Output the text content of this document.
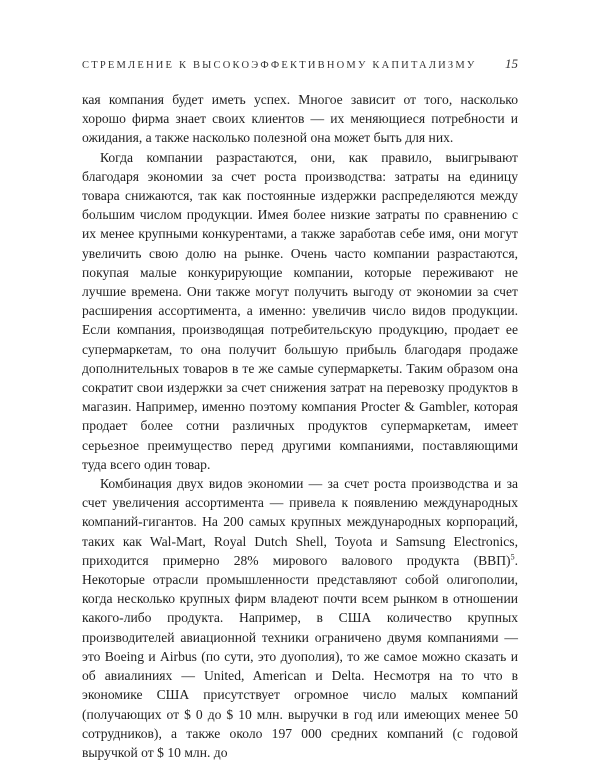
СТРЕМЛЕНИЕ К ВЫСОКОЭФФЕКТИВНОМУ КАПИТАЛИЗМУ 15

кая компания будет иметь успех. Многое зависит от того, насколько хорошо фирма знает своих клиентов — их меняющиеся потребности и ожидания, а также насколько полезной она может быть для них.

Когда компании разрастаются, они, как правило, выигрывают благодаря экономии за счет роста производства: затраты на единицу товара снижаются, так как постоянные издержки распределяются между большим числом продукции. Имея более низкие затраты по сравнению с их менее крупными конкурентами, а также заработав себе имя, они могут увеличить свою долю на рынке. Очень часто компании разрастаются, покупая малые конкурирующие компании, которые переживают не лучшие времена. Они также могут получить выгоду от экономии за счет расширения ассортимента, а именно: увеличив число видов продукции. Если компания, производящая потребительскую продукцию, продает ее супермаркетам, то она получит большую прибыль благодаря продаже дополнительных товаров в те же самые супермаркеты. Таким образом она сократит свои издержки за счет снижения затрат на перевозку продуктов в магазин. Например, именно поэтому компания Procter & Gambler, которая продает более сотни различных продуктов супермаркетам, имеет серьезное преимущество перед другими компаниями, поставляющими туда всего один товар.

Комбинация двух видов экономии — за счет роста производства и за счет увеличения ассортимента — привела к появлению международных компаний-гигантов. На 200 самых крупных международных корпораций, таких как Wal-Mart, Royal Dutch Shell, Toyota и Samsung Electronics, приходится примерно 28% мирового валового продукта (ВВП)$^5$. Некоторые отрасли промышленности представляют собой олигополии, когда несколько крупных фирм владеют почти всем рынком в отношении какого-либо продукта. Например, в США количество крупных производителей авиационной техники ограничено двумя компаниями — это Boeing и Airbus (по сути, это дуополия), то же самое можно сказать и об авиалиниях — United, American и Delta. Несмотря на то что в экономике США присутствует огромное число малых компаний (получающих от $ 0 до $ 10 млн. выручки в год или имеющих менее 50 сотрудников), а также около 197 000 средних компаний (с годовой выручкой от $ 10 млн. до
